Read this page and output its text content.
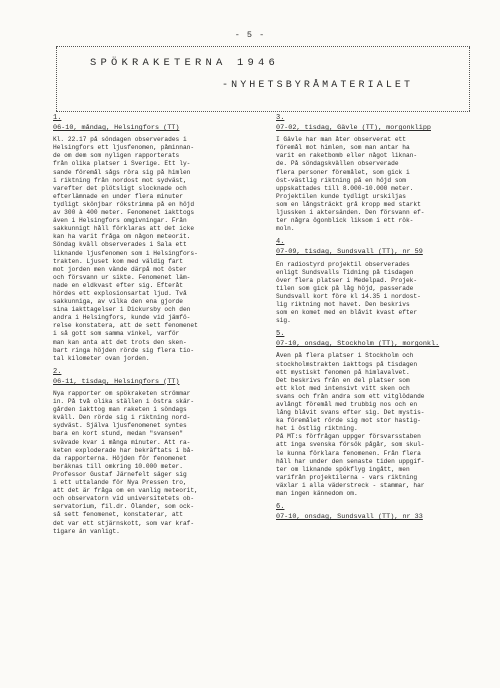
- 5 -
SPÖKRAKETERNA 1946
-NYHETSBYRÅMATERIALET
1.
06-10, måndag, Helsingfors (TT)
Kl. 22.17 på söndagen observerades i
Helsingfors ett ljusfenomen, påminnan-
de om dem som nyligen rapporterats
från olika platser i Sverige. Ett ly-
sande föremål sågs röra sig på himlen
i riktning från nordost mot sydväst,
varefter det plötsligt slocknade och
efterlämnade en under flera minuter
tydligt skönjbar rökstrimma på en höjd
av 300 à 400 meter. Fenomenet iakttogs
även i Helsingfors omgivningar. Från
sakkunnigt håll förklaras att det icke
kan ha varit fråga om någon meteorit.
Söndag kväll observerades i Sala ett
liknande ljusfenomen som i Helsingfors-
trakten. Ljuset kom med väldig fart
mot jorden men vände därpå mot öster
och försvann ur sikte. Fenomenet läm-
nade en eldkvast efter sig. Efteråt
hördes ett explosionsartat ljud. Två
sakkunniga, av vilka den ena gjorde
sina iakttagelser i Dickursby och den
andra i Helsingfors, kunde vid jämfö-
relse konstatera, att de sett fenomenet
i så gott som samma vinkel, varför
man kan anta att det trots den sken-
bart ringa höjden rörde sig flera tio-
tal kilometer ovan jorden.
2.
06-11, tisdag, Helsingfors (TT)
Nya rapporter om spökraketen strömmar
in. På två olika ställen i östra skär-
gården iakttog man raketen i söndags
kväll. Den rörde sig i riktning nord-
sydväst. Själva ljusfenomenet syntes
bara en kort stund, medan "svansen"
svävade kvar i många minuter. Att ra-
keten exploderade har bekräftats i bå-
da rapporterna. Höjden för fenomenet
beräknas till omkring 10.000 meter.
Professor Gustaf Järnefelt säger sig
i ett uttalande för Nya Pressen tro,
att det är fråga om en vanlig meteorit,
och observatorn vid universitetets ob-
servatorium, fil.dr. Ölander, som ock-
så sett fenomenet, konstaterar, att
det var ett stjärnskott, som var kraf-
tigare än vanligt.
3.
07-02, tisdag, Gävle (TT), morgonklipp
I Gävle har man åter observerat ett
föremål mot himlen, som man antar ha
varit en raketbomb eller något liknan-
de. På söndagskvällen observerade
flera personer föremålet, som gick i
öst-västlig riktning på en höjd som
uppskattades till 8.000-10.000 meter.
Projektilen kunde tydligt urskiljas
som en långsträckt grå kropp med starkt
ljussken i aktersänden. Den försvann ef-
ter några ögonblick liksom i ett rök-
moln.
4.
07-09, tisdag, Sundsvall (TT), nr 59
En radiostyrd projektil observerades
enligt Sundsvalls Tidning på tisdagen
över flera platser i Medelpad. Projek-
tilen som gick på låg höjd, passerade
Sundsvall kort före kl 14.35 i nordost-
lig riktning mot havet. Den beskrivs
som en komet med en blåvit kvast efter
sig.
5.
07-10, onsdag, Stockholm (TT), morgonkl.
Även på flera platser i Stockholm och
stockholmstrakten iakttogs på tisdagen
ett mystiskt fenomen på himlavalvet.
Det beskrivs från en del platser som
ett klot med intensivt vitt sken och
svans och från andra som ett vitglödande
avlångt föremål med trubbig nos och en
lång blåvit svans efter sig. Det mystis-
ka föremålet rörde sig mot stor hastig-
het i östlig riktning.
På MT:s förfrågan uppger försvarsstaben
att inga svenska försök pågår, som skul-
le kunna förklara fenomenen. Från flera
håll har under den senaste tiden uppgif-
ter om liknande spökflyg ingått, men
varifrån projektilerna - vars riktning
växlar i alla väderstreck - stammar, har
man ingen kännedom om.
6.
07-10, onsdag, Sundsvall (TT), nr 33
